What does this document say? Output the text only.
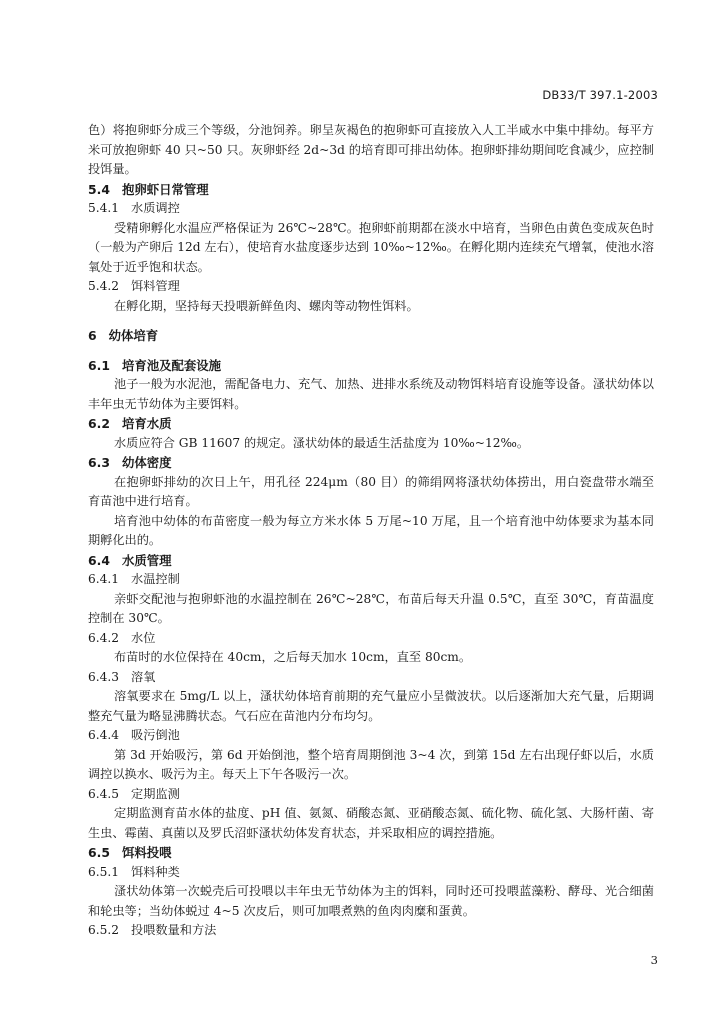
DB33/T 397.1-2003

色）将抱卵虾分成三个等级，分池饲养。卵呈灰褐色的抱卵虾可直接放入人工半咸水中集中排幼。每平方米可放抱卵虾 40 只~50 只。灰卵虾经 2d~3d 的培育即可排出幼体。抱卵虾排幼期间吃食减少，应控制投饵量。

5.4 抱卵虾日常管理
5.4.1 水质调控

受精卵孵化水温应严格保证为 26℃~28℃。抱卵虾前期都在淡水中培育，当卵色由黄色变成灰色时（一般为产卵后 12d 左右），使培育水盐度逐步达到 10‰~12‰。在孵化期内连续充气增氧，使池水溶氧处于近乎饱和状态。

5.4.2 饵料管理

在孵化期，坚持每天投喂新鲜鱼肉、螺肉等动物性饵料。

6 幼体培育
6.1 培育池及配套设施

池子一般为水泥池，需配备电力、充气、加热、进排水系统及动物饵料培育设施等设备。溞状幼体以丰年虫无节幼体为主要饵料。

6.2 培育水质

水质应符合 GB 11607 的规定。溞状幼体的最适生活盐度为 10‰~12‰。

6.3 幼体密度

在抱卵虾排幼的次日上午，用孔径 224μm（80 目）的筛绢网将溞状幼体捞出，用白瓷盘带水端至育苗池中进行培育。

培育池中幼体的布苗密度一般为每立方米水体 5 万尾~10 万尾，且一个培育池中幼体要求为基本同期孵化出的。

6.4 水质管理
6.4.1 水温控制

亲虾交配池与抱卵虾池的水温控制在 26℃~28℃，布苗后每天升温 0.5℃，直至 30℃，育苗温度控制在 30℃。

6.4.2 水位

布苗时的水位保持在 40cm，之后每天加水 10cm，直至 80cm。

6.4.3 溶氧

溶氧要求在 5mg/L 以上，溞状幼体培育前期的充气量应小呈微波状。以后逐渐加大充气量，后期调整充气量为略显沸腾状态。气石应在苗池内分布均匀。

6.4.4 吸污倒池

第 3d 开始吸污，第 6d 开始倒池，整个培育周期倒池 3~4 次，到第 15d 左右出现仔虾以后，水质调控以换水、吸污为主。每天上下午各吸污一次。

6.4.5 定期监测

定期监测育苗水体的盐度、pH 值、氨氮、硝酸态氮、亚硝酸态氮、硫化物、硫化氢、大肠杆菌、寄生虫、霉菌、真菌以及罗氏沼虾溞状幼体发育状态，并采取相应的调控措施。

6.5 饵料投喂
6.5.1 饵料种类

溞状幼体第一次蜕壳后可投喂以丰年虫无节幼体为主的饵料，同时还可投喂蓝藻粉、酵母、光合细菌和轮虫等；当幼体蜕过 4~5 次皮后，则可加喂煮熟的鱼肉肉糜和蛋黄。

6.5.2 投喂数量和方法
3
